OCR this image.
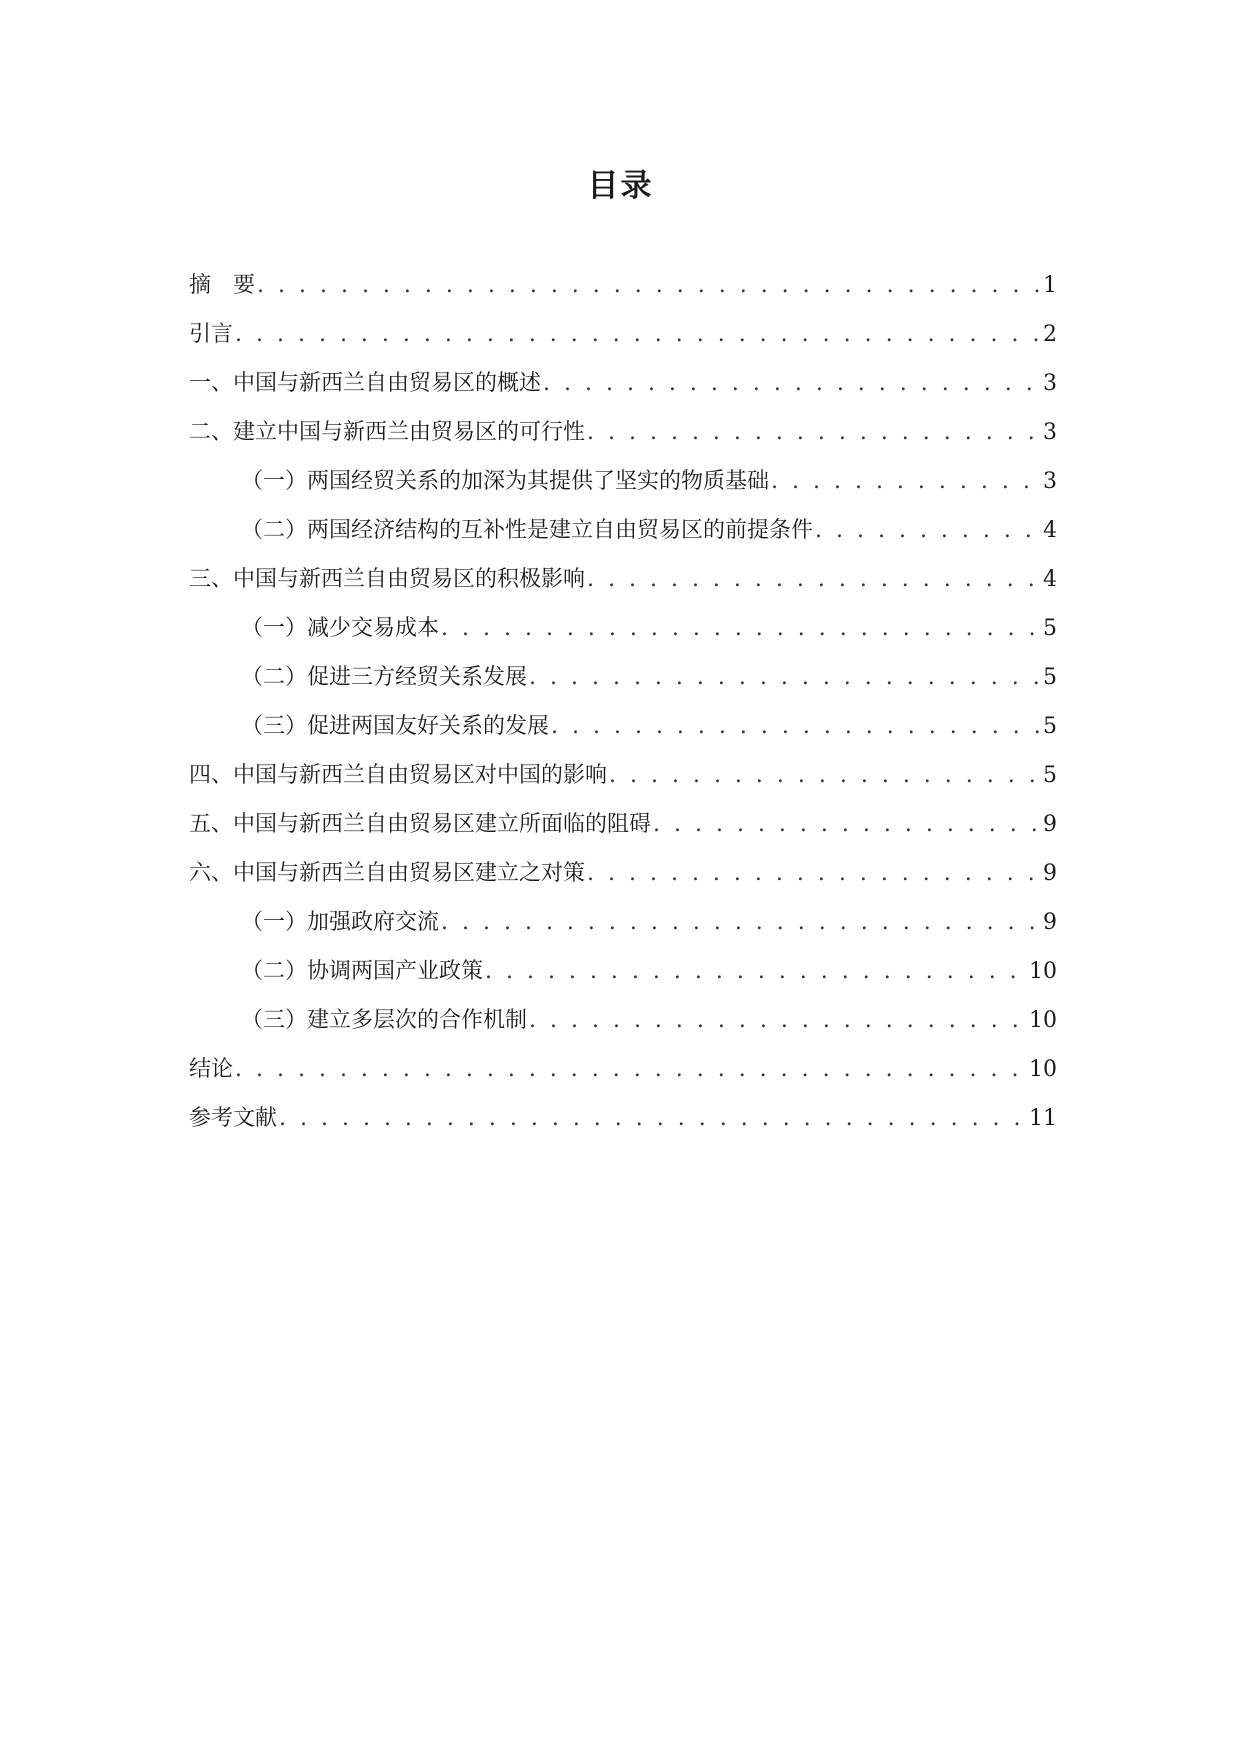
目录
摘　要 . . .	1
引言 . . .	2
一、中国与新西兰自由贸易区的概述 . . .	3
二、建立中国与新西兰由贸易区的可行性 . . .	3
（一）两国经贸关系的加深为其提供了坚实的物质基础 . . .	3
（二）两国经济结构的互补性是建立自由贸易区的前提条件 . . .	4
三、中国与新西兰自由贸易区的积极影响 . . .	4
（一）减少交易成本 . . .	5
（二）促进三方经贸关系发展 . . .	5
（三）促进两国友好关系的发展 . . .	5
四、中国与新西兰自由贸易区对中国的影响 . . .	5
五、中国与新西兰自由贸易区建立所面临的阻碍 . . .	9
六、中国与新西兰自由贸易区建立之对策 . . .	9
（一）加强政府交流 . . .	9
（二）协调两国产业政策 . . .	10
（三）建立多层次的合作机制 . . .	10
结论 . . .	10
参考文献 . . .	11
